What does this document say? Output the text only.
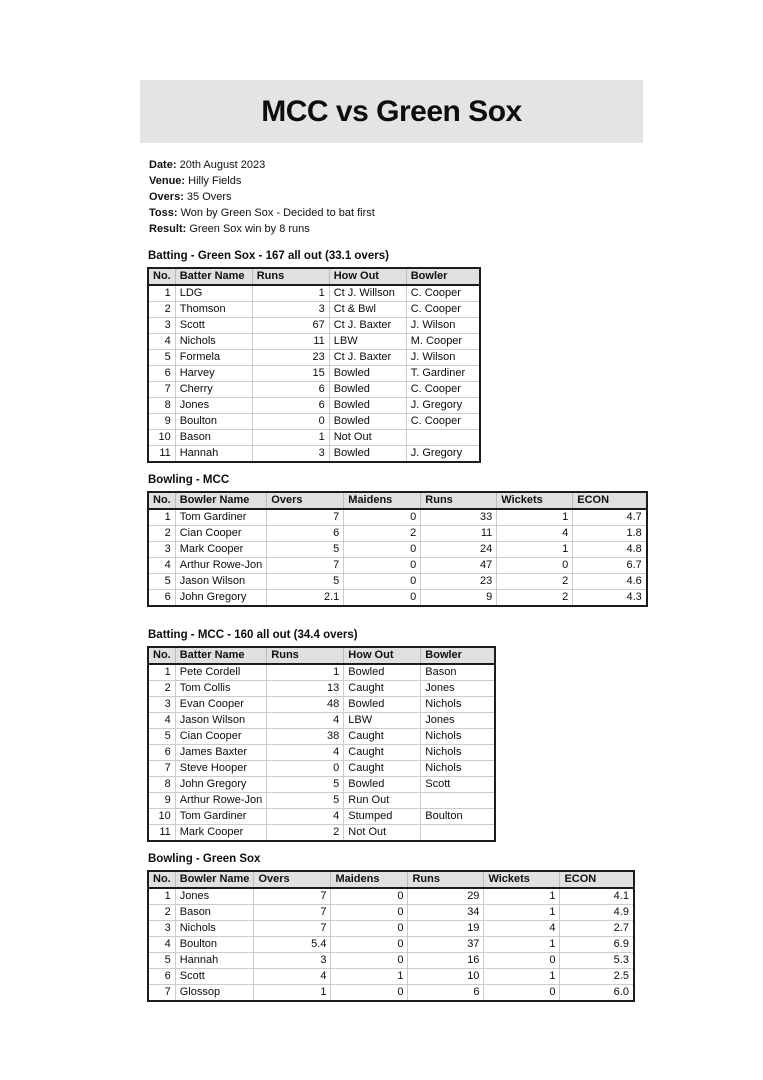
MCC vs Green Sox
Date: 20th August 2023
Venue: Hilly Fields
Overs: 35 Overs
Toss: Won by Green Sox - Decided to bat first
Result: Green Sox win by 8 runs
Batting - Green Sox - 167 all out (33.1 overs)
No.	Batter Name	Runs	How Out	Bowler
1	LDG	1	Ct J. Willson	C. Cooper
2	Thomson	3	Ct & Bwl	C. Cooper
3	Scott	67	Ct J. Baxter	J. Wilson
4	Nichols	11	LBW	M. Cooper
5	Formela	23	Ct J. Baxter	J. Wilson
6	Harvey	15	Bowled	T. Gardiner
7	Cherry	6	Bowled	C. Cooper
8	Jones	6	Bowled	J. Gregory
9	Boulton	0	Bowled	C. Cooper
10	Bason	1	Not Out	
11	Hannah	3	Bowled	J. Gregory
Bowling - MCC
No.	Bowler Name	Overs	Maidens	Runs	Wickets	ECON
1	Tom Gardiner	7	0	33	1	4.7
2	Cian Cooper	6	2	11	4	1.8
3	Mark Cooper	5	0	24	1	4.8
4	Arthur Rowe-Jon	7	0	47	0	6.7
5	Jason Wilson	5	0	23	2	4.6
6	John Gregory	2.1	0	9	2	4.3
Batting - MCC - 160 all out (34.4 overs)
No.	Batter Name	Runs	How Out	Bowler
1	Pete Cordell	1	Bowled	Bason
2	Tom Collis	13	Caught	Jones
3	Evan Cooper	48	Bowled	Nichols
4	Jason Wilson	4	LBW	Jones
5	Cian Cooper	38	Caught	Nichols
6	James Baxter	4	Caught	Nichols
7	Steve Hooper	0	Caught	Nichols
8	John Gregory	5	Bowled	Scott
9	Arthur Rowe-Jon	5	Run Out	
10	Tom Gardiner	4	Stumped	Boulton
11	Mark Cooper	2	Not Out	
Bowling - Green Sox
No.	Bowler Name	Overs	Maidens	Runs	Wickets	ECON
1	Jones	7	0	29	1	4.1
2	Bason	7	0	34	1	4.9
3	Nichols	7	0	19	4	2.7
4	Boulton	5.4	0	37	1	6.9
5	Hannah	3	0	16	0	5.3
6	Scott	4	1	10	1	2.5
7	Glossop	1	0	6	0	6.0
